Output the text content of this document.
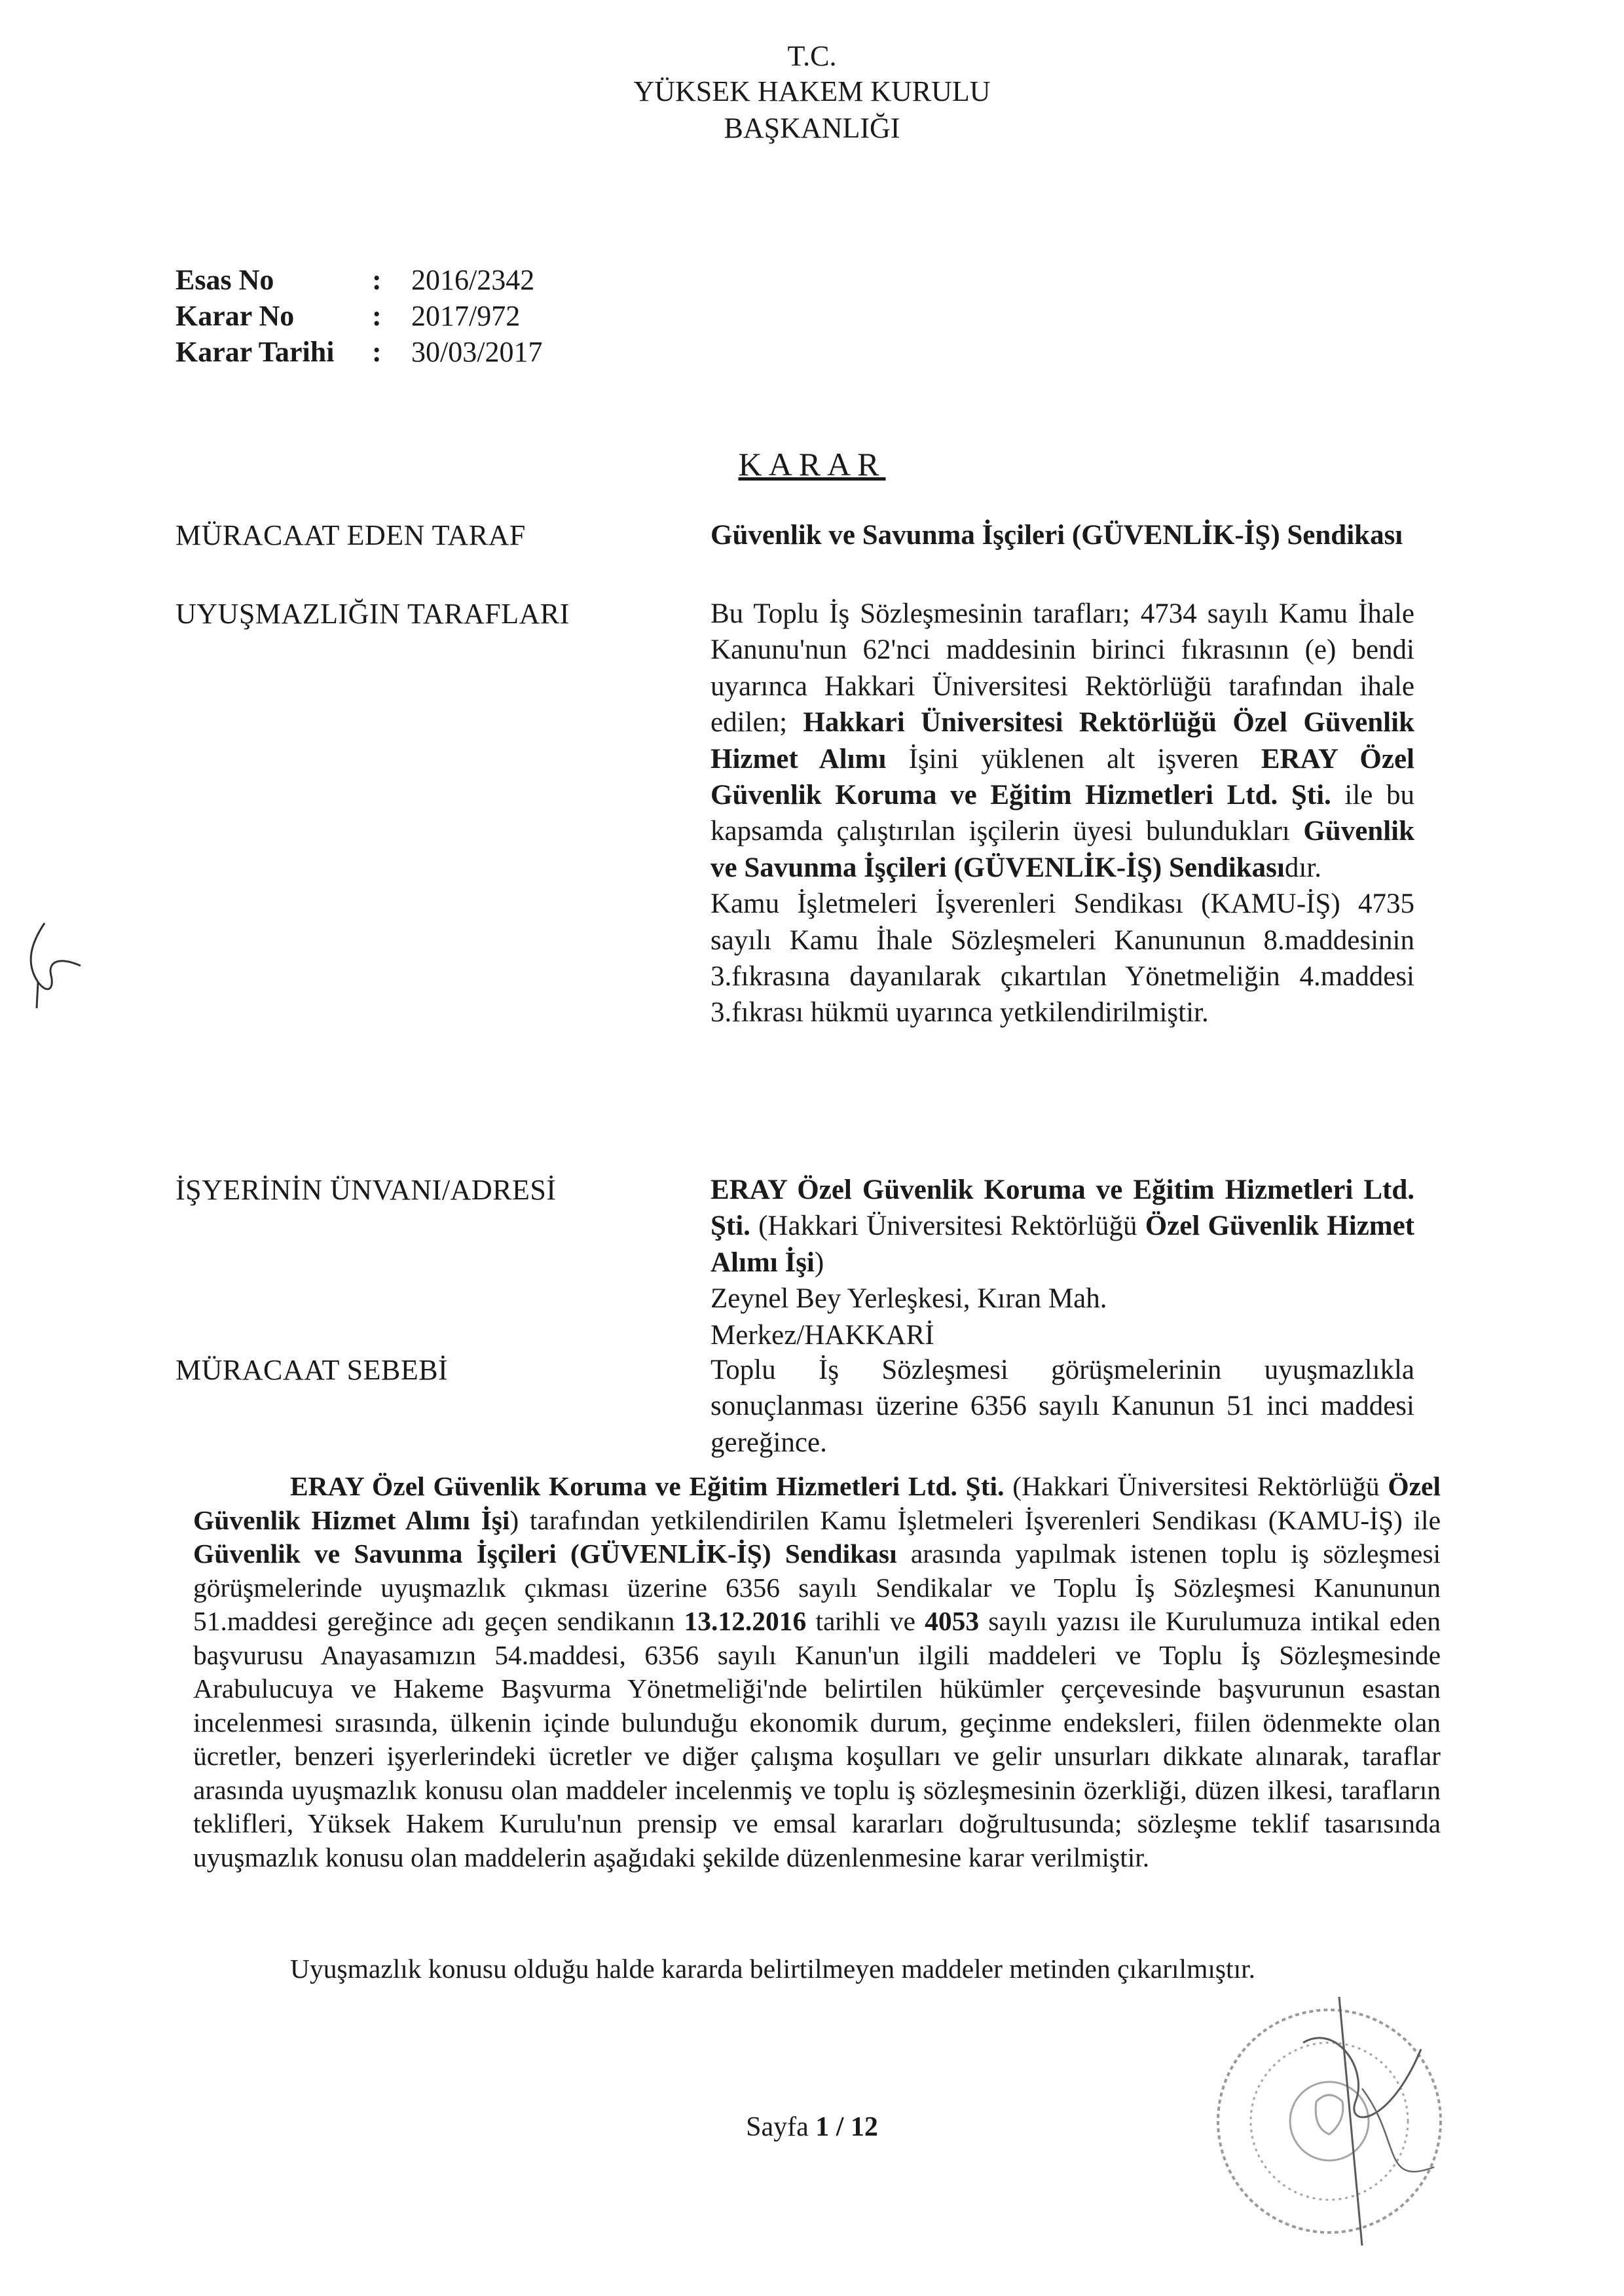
T.C.
YÜKSEK HAKEM KURULU
BAŞKANLIĞI
Esas No	:	2016/2342
Karar No	:	2017/972
Karar Tarihi	:	30/03/2017
KARAR
MÜRACAAT EDEN TARAF	Güvenlik ve Savunma İşçileri (GÜVENLİK-İŞ) Sendikası

UYUŞMAZLIĞIN TARAFLARI	Bu Toplu İş Sözleşmesinin tarafları; 4734 sayılı Kamu İhale Kanunu'nun 62'nci maddesinin birinci fıkrasının (e) bendi uyarınca Hakkari Üniversitesi Rektörlüğü tarafından ihale edilen; Hakkari Üniversitesi Rektörlüğü Özel Güvenlik Hizmet Alımı İşini yüklenen alt işveren ERAY Özel Güvenlik Koruma ve Eğitim Hizmetleri Ltd. Şti. ile bu kapsamda çalıştırılan işçilerin üyesi bulundukları Güvenlik ve Savunma İşçileri (GÜVENLİK-İŞ) Sendikasıdır.

Kamu İşletmeleri İşverenleri Sendikası (KAMU-İŞ) 4735 sayılı Kamu İhale Sözleşmeleri Kanununun 8.maddesinin 3.fıkrasına dayanılarak çıkartılan Yönetmeliğin 4.maddesi 3.fıkrası hükmü uyarınca yetkilendirilmiştir.

İŞYERİNİN ÜNVANI/ADRESİ	ERAY Özel Güvenlik Koruma ve Eğitim Hizmetleri Ltd. Şti. (Hakkari Üniversitesi Rektörlüğü Özel Güvenlik Hizmet Alımı İşi)

Zeynel Bey Yerleşkesi, Kıran Mah.
Merkez/HAKKARİ
MÜRACAAT SEBEBİ	Toplu İş Sözleşmesi görüşmelerinin uyuşmazlıkla sonuçlanması üzerine 6356 sayılı Kanunun 51 inci maddesi gereğince.

ERAY Özel Güvenlik Koruma ve Eğitim Hizmetleri Ltd. Şti. (Hakkari Üniversitesi Rektörlüğü Özel Güvenlik Hizmet Alımı İşi) tarafından yetkilendirilen Kamu İşletmeleri İşverenleri Sendikası (KAMU-İŞ) ile Güvenlik ve Savunma İşçileri (GÜVENLİK-İŞ) Sendikası arasında yapılmak istenen toplu iş sözleşmesi görüşmelerinde uyuşmazlık çıkması üzerine 6356 sayılı Sendikalar ve Toplu İş Sözleşmesi Kanununun 51.maddesi gereğince adı geçen sendikanın 13.12.2016 tarihli ve 4053 sayılı yazısı ile Kurulumuza intikal eden başvurusu Anayasamızın 54.maddesi, 6356 sayılı Kanun'un ilgili maddeleri ve Toplu İş Sözleşmesinde Arabulucuya ve Hakeme Başvurma Yönetmeliği'nde belirtilen hükümler çerçevesinde başvurunun esastan incelenmesi sırasında, ülkenin içinde bulunduğu ekonomik durum, geçinme endeksleri, fiilen ödenmekte olan ücretler, benzeri işyerlerindeki ücretler ve diğer çalışma koşulları ve gelir unsurları dikkate alınarak, taraflar arasında uyuşmazlık konusu olan maddeler incelenmiş ve toplu iş sözleşmesinin özerkliği, düzen ilkesi, tarafların teklifleri, Yüksek Hakem Kurulu'nun prensip ve emsal kararları doğrultusunda; sözleşme teklif tasarısında uyuşmazlık konusu olan maddelerin aşağıdaki şekilde düzenlenmesine karar verilmiştir.

Uyuşmazlık konusu olduğu halde kararda belirtilmeyen maddeler metinden çıkarılmıştır.

Sayfa 1 / 12
